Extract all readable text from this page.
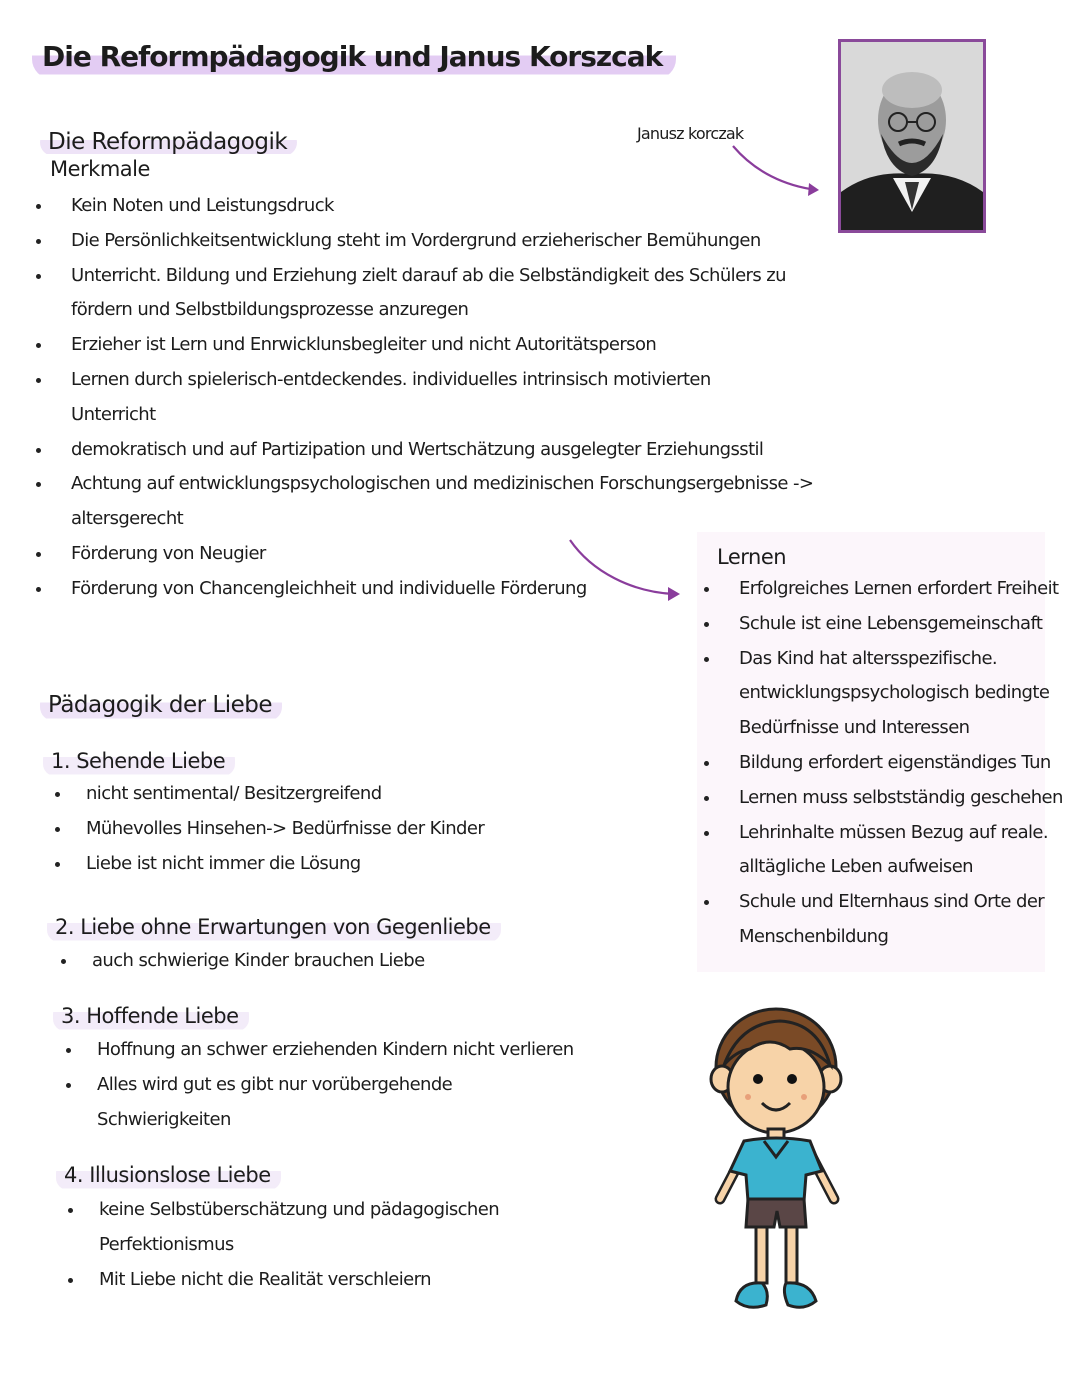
Die Reformpädagogik und Janus Korszcak
Die Reformpädagogik
Merkmale
Kein Noten und Leistungsdruck
Die Persönlichkeitsentwicklung steht im Vordergrund erzieherischer Bemühungen
Unterricht. Bildung und Erziehung zielt darauf ab die Selbständigkeit des Schülers zu
fördern und Selbstbildungsprozesse anzuregen
Erzieher ist Lern und Enrwicklunsbegleiter und nicht Autoritätsperson
Lernen durch spielerisch-entdeckendes. individuelles intrinsisch motivierten
Unterricht
demokratisch und auf Partizipation und Wertschätzung ausgelegter Erziehungsstil
Achtung auf entwicklungspsychologischen und medizinischen Forschungsergebnisse ->
altersgerecht
Förderung von Neugier
Förderung von Chancengleichheit und individuelle Förderung
Janusz korczak
Lernen
Erfolgreiches Lernen erfordert Freiheit
Schule ist eine Lebensgemeinschaft
Das Kind hat altersspezifische.
entwicklungspsychologisch bedingte
Bedürfnisse und Interessen
Bildung erfordert eigenständiges Tun
Lernen muss selbstständig geschehen
Lehrinhalte müssen Bezug auf reale.
alltägliche Leben aufweisen
Schule und Elternhaus sind Orte der
Menschenbildung
Pädagogik der Liebe
1. Sehende Liebe
nicht sentimental/ Besitzergreifend
Mühevolles Hinsehen-> Bedürfnisse der Kinder
Liebe ist nicht immer die Lösung
2. Liebe ohne Erwartungen von Gegenliebe
auch schwierige Kinder brauchen Liebe
3. Hoffende Liebe
Hoffnung an schwer erziehenden Kindern nicht verlieren
Alles wird gut es gibt nur vorübergehende
Schwierigkeiten
4. Illusionslose Liebe
keine Selbstüberschätzung und pädagogischen
Perfektionismus
Mit Liebe nicht die Realität verschleiern
